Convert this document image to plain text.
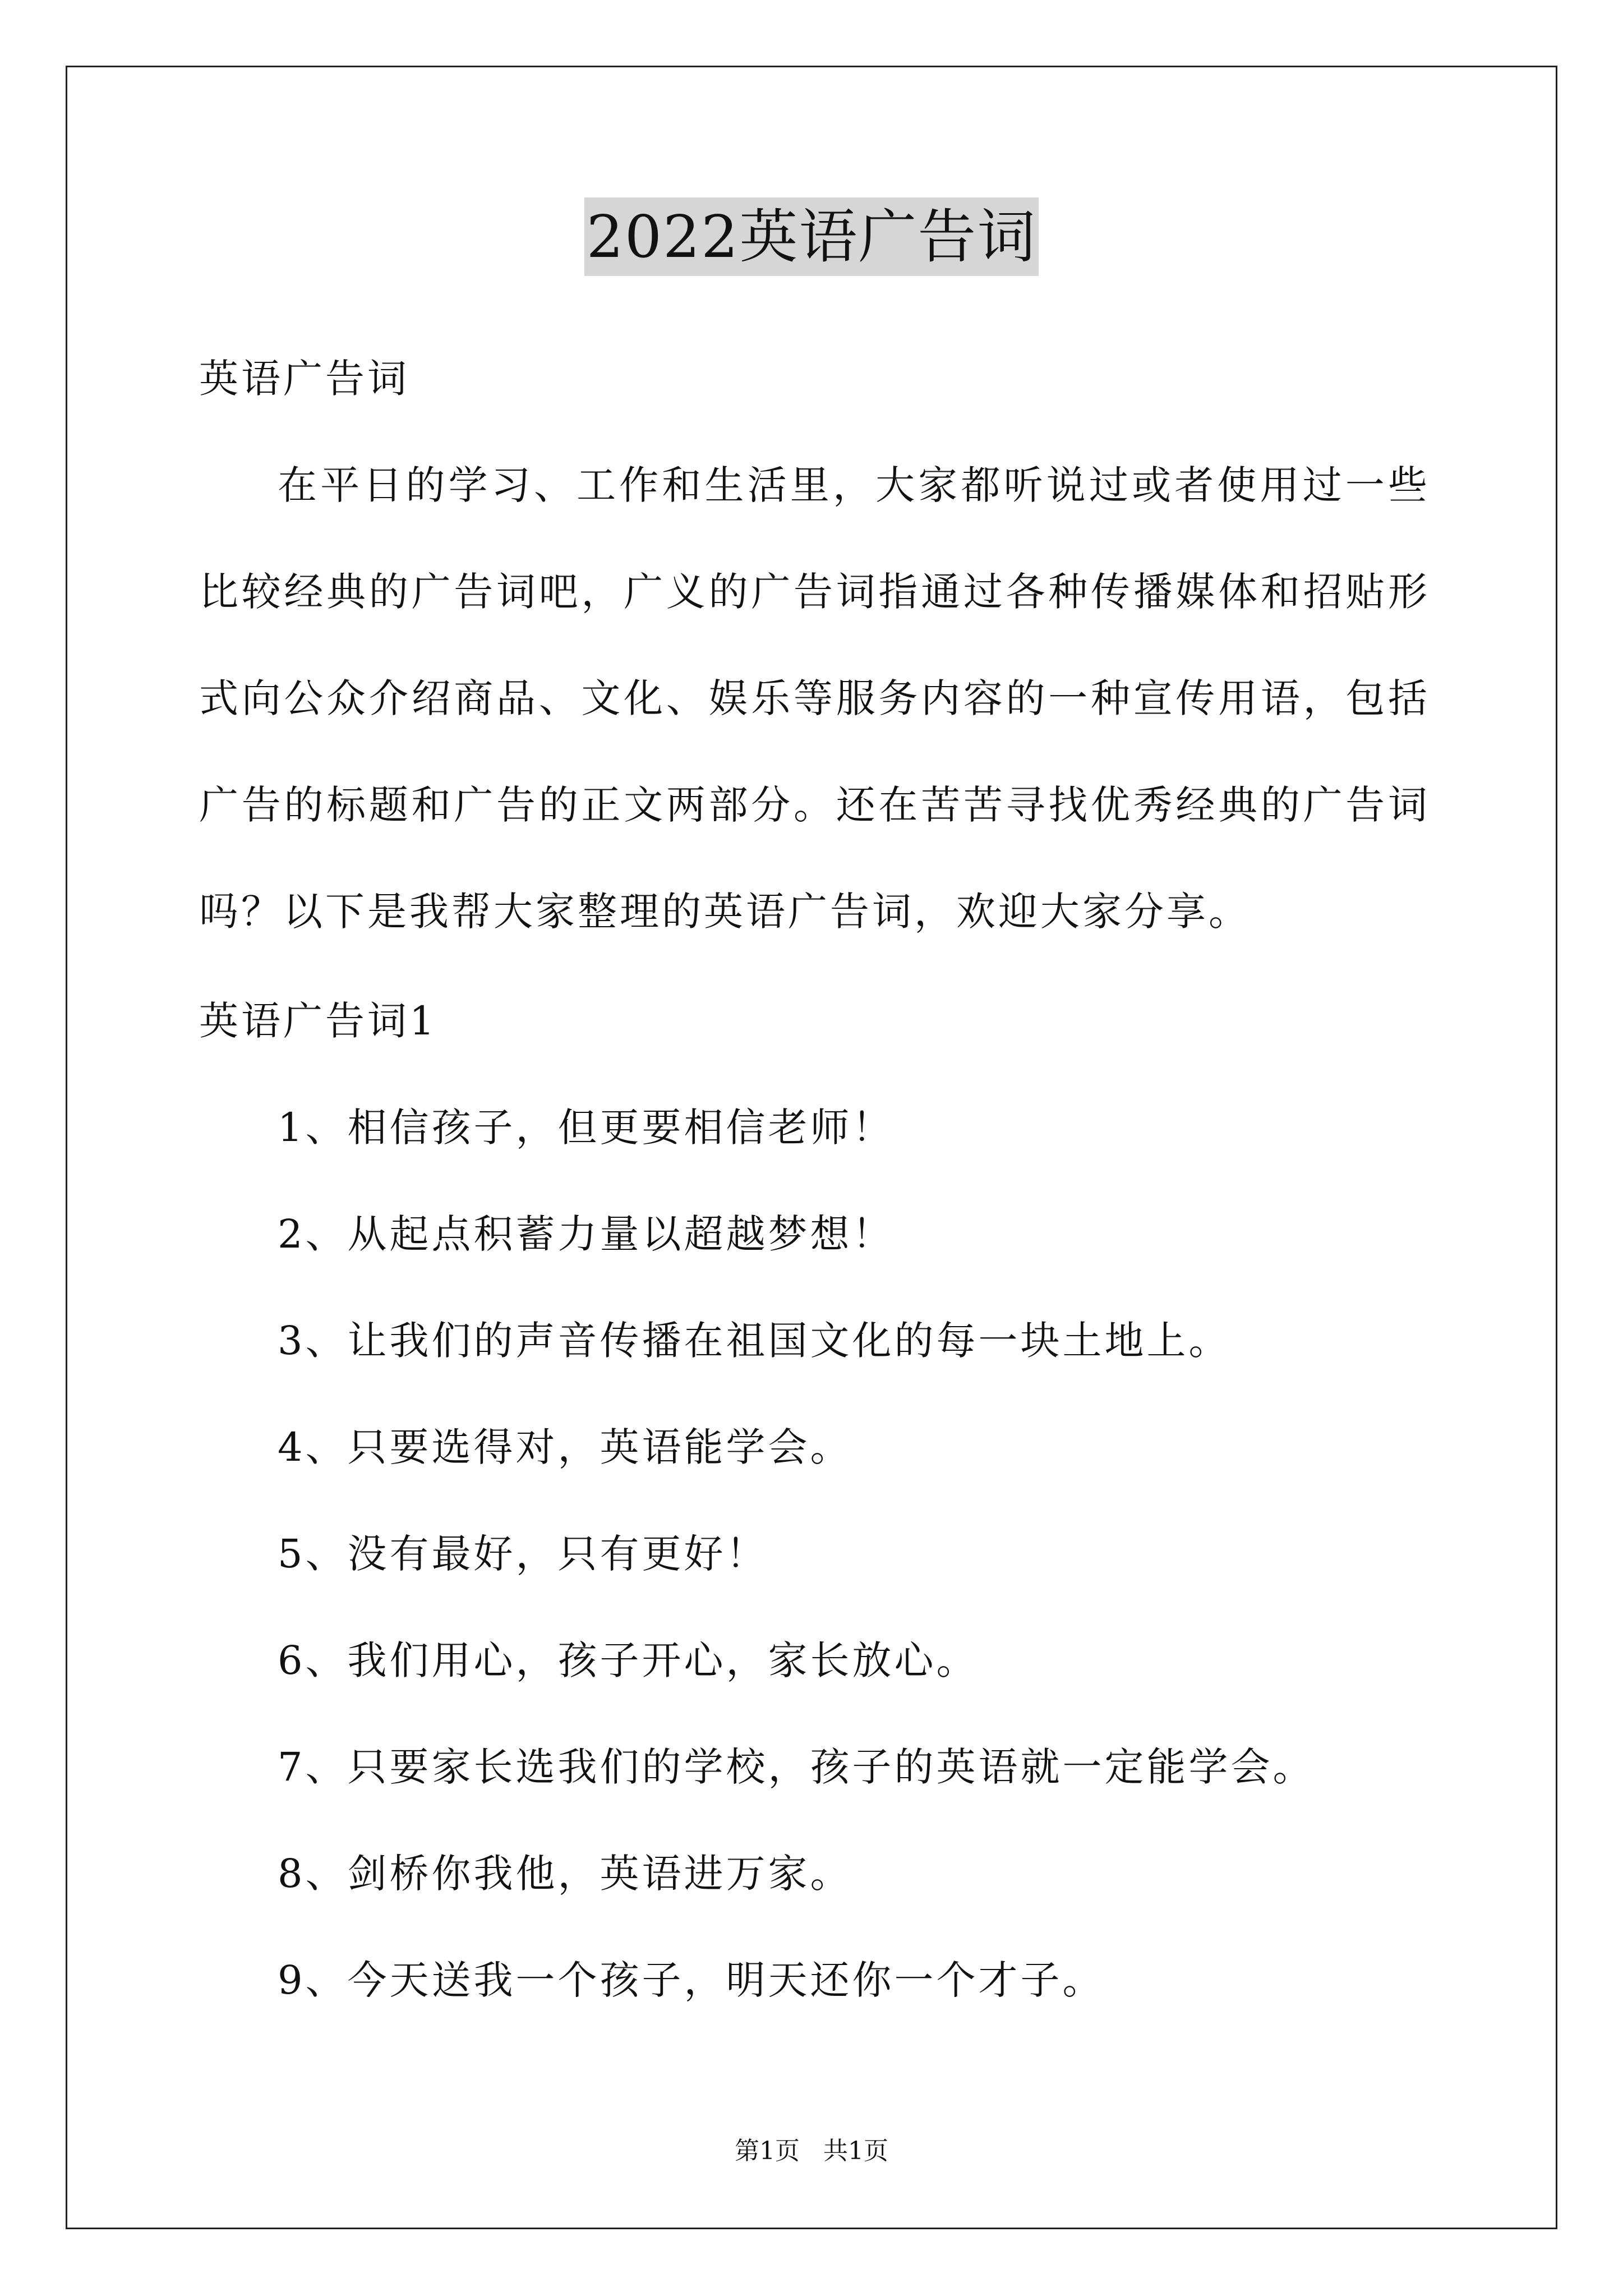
2022英语广告词
英语广告词
在平日的学习、工作和生活里，大家都听说过或者使用过一些比较经典的广告词吧，广义的广告词指通过各种传播媒体和招贴形式向公众介绍商品、文化、娱乐等服务内容的一种宣传用语，包括广告的标题和广告的正文两部分。还在苦苦寻找优秀经典的广告词吗？以下是我帮大家整理的英语广告词，欢迎大家分享。
英语广告词1
1、相信孩子，但更要相信老师！
2、从起点积蓄力量以超越梦想！
3、让我们的声音传播在祖国文化的每一块土地上。
4、只要选得对，英语能学会。
5、没有最好，只有更好！
6、我们用心，孩子开心，家长放心。
7、只要家长选我们的学校，孩子的英语就一定能学会。
8、剑桥你我他，英语进万家。
9、今天送我一个孩子，明天还你一个才子。
第1页 共1页
